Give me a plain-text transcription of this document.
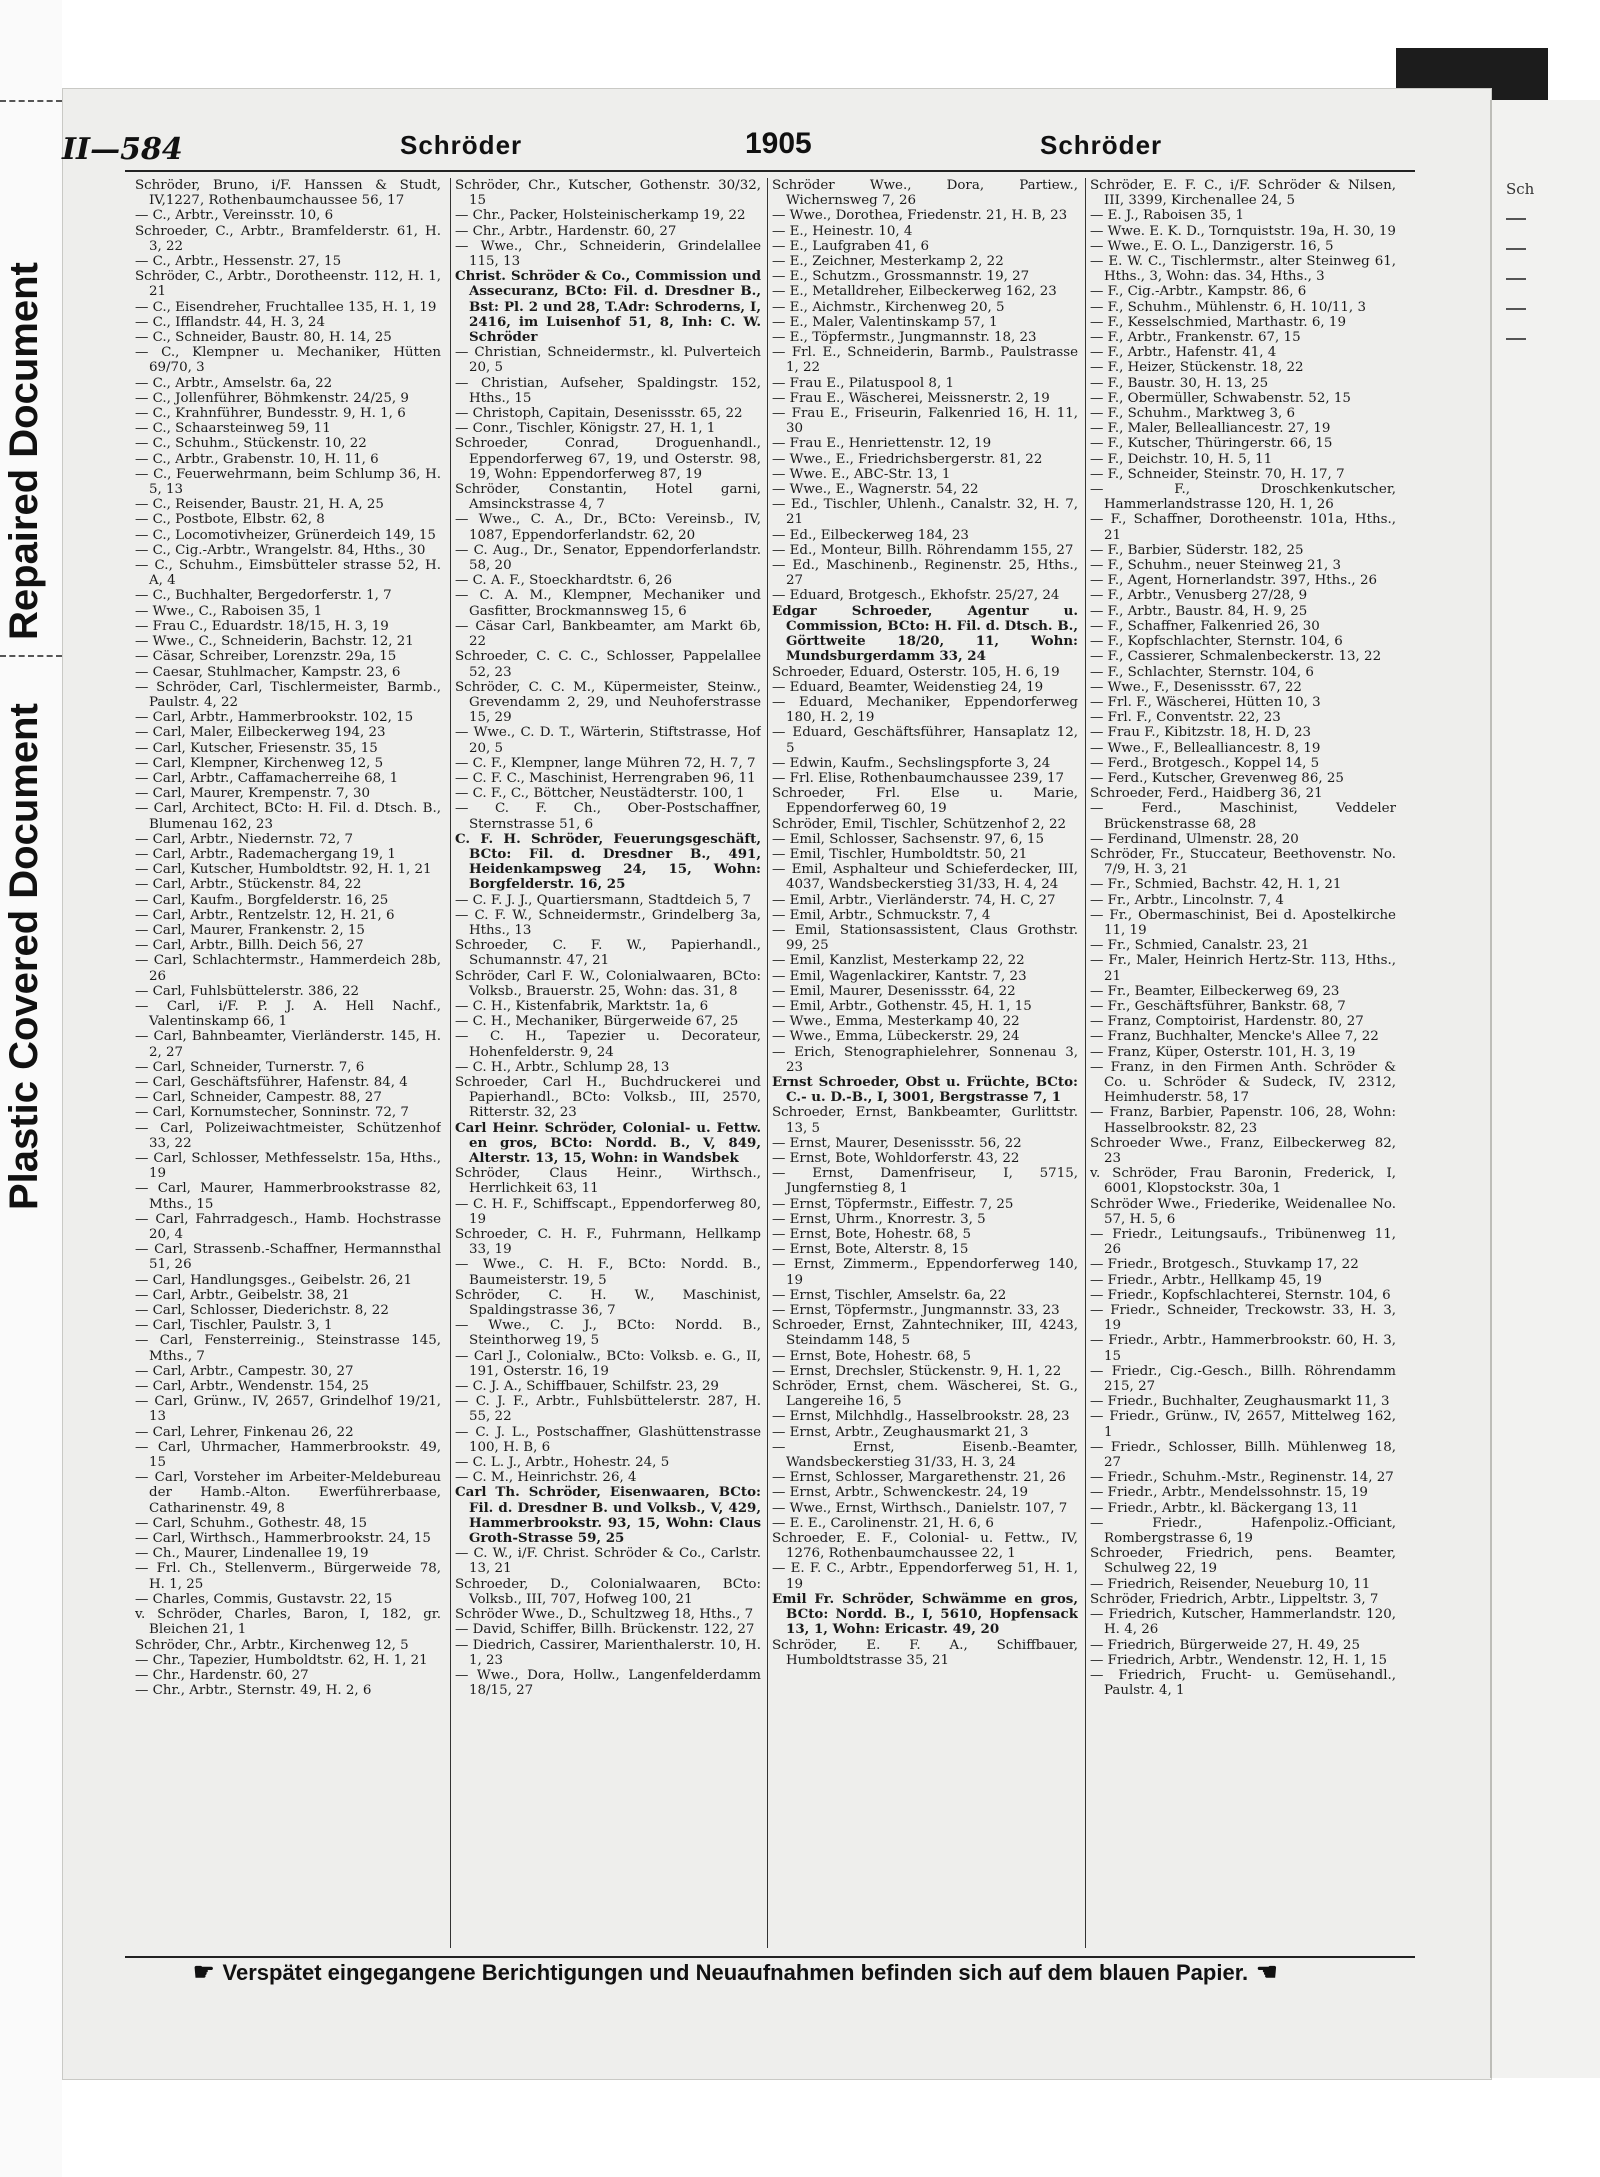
Repaired Document
Plastic Covered Document
Sch
II—584	Schröder	1905	Schröder

Schröder, Bruno, i/F. Hanssen & Studt, IV,1227, Rothenbaumchaussee 56, 17

— C., Arbtr., Vereinsstr. 10, 6

Schroeder, C., Arbtr., Bramfelderstr. 61, H. 3, 22

— C., Arbtr., Hessenstr. 27, 15

Schröder, C., Arbtr., Dorotheenstr. 112, H. 1, 21

— C., Eisendreher, Fruchtallee 135, H. 1, 19

— C., Ifflandstr. 44, H. 3, 24

— C., Schneider, Baustr. 80, H. 14, 25

— C., Klempner u. Mechaniker, Hütten 69/70, 3

— C., Arbtr., Amselstr. 6a, 22

— C., Jollenführer, Böhmkenstr. 24/25, 9

— C., Krahnführer, Bundesstr. 9, H. 1, 6

— C., Schaarsteinweg 59, 11

— C., Schuhm., Stückenstr. 10, 22

— C., Arbtr., Grabenstr. 10, H. 11, 6

— C., Feuerwehrmann, beim Schlump 36, H. 5, 13

— C., Reisender, Baustr. 21, H. A, 25

— C., Postbote, Elbstr. 62, 8

— C., Locomotivheizer, Grünerdeich 149, 15

— C., Cig.-Arbtr., Wrangelstr. 84, Hths., 30

— C., Schuhm., Eimsbütteler strasse 52, H. A, 4

— C., Buchhalter, Bergedorferstr. 1, 7

— Wwe., C., Raboisen 35, 1

— Frau C., Eduardstr. 18/15, H. 3, 19

— Wwe., C., Schneiderin, Bachstr. 12, 21

— Cäsar, Schreiber, Lorenzstr. 29a, 15

— Caesar, Stuhlmacher, Kampstr. 23, 6

— Schröder, Carl, Tischlermeister, Barmb., Paulstr. 4, 22

— Carl, Arbtr., Hammerbrookstr. 102, 15

— Carl, Maler, Eilbeckerweg 194, 23

— Carl, Kutscher, Friesenstr. 35, 15

— Carl, Klempner, Kirchenweg 12, 5

— Carl, Arbtr., Caffamacherreihe 68, 1

— Carl, Maurer, Krempenstr. 7, 30

— Carl, Architect, BCto: H. Fil. d. Dtsch. B., Blumenau 162, 23

— Carl, Arbtr., Niedernstr. 72, 7

— Carl, Arbtr., Rademachergang 19, 1

— Carl, Kutscher, Humboldtstr. 92, H. 1, 21

— Carl, Arbtr., Stückenstr. 84, 22

— Carl, Kaufm., Borgfelderstr. 16, 25

— Carl, Arbtr., Rentzelstr. 12, H. 21, 6

— Carl, Maurer, Frankenstr. 2, 15

— Carl, Arbtr., Billh. Deich 56, 27

— Carl, Schlachtermstr., Hammerdeich 28b, 26

— Carl, Fuhlsbüttelerstr. 386, 22

— Carl, i/F. P. J. A. Hell Nachf., Valentinskamp 66, 1

— Carl, Bahnbeamter, Vierländerstr. 145, H. 2, 27

— Carl, Schneider, Turnerstr. 7, 6

— Carl, Geschäftsführer, Hafenstr. 84, 4

— Carl, Schneider, Campestr. 88, 27

— Carl, Kornumstecher, Sonninstr. 72, 7

— Carl, Polizeiwachtmeister, Schützenhof 33, 22

— Carl, Schlosser, Methfesselstr. 15a, Hths., 19

— Carl, Maurer, Hammerbrookstrasse 82, Mths., 15

— Carl, Fahrradgesch., Hamb. Hochstrasse 20, 4

— Carl, Strassenb.-Schaffner, Hermannsthal 51, 26

— Carl, Handlungsges., Geibelstr. 26, 21

— Carl, Arbtr., Geibelstr. 38, 21

— Carl, Schlosser, Diederichstr. 8, 22

— Carl, Tischler, Paulstr. 3, 1

— Carl, Fensterreinig., Steinstrasse 145, Mths., 7

— Carl, Arbtr., Campestr. 30, 27

— Carl, Arbtr., Wendenstr. 154, 25

— Carl, Grünw., IV, 2657, Grindelhof 19/21, 13

— Carl, Lehrer, Finkenau 26, 22

— Carl, Uhrmacher, Hammerbrookstr. 49, 15

— Carl, Vorsteher im Arbeiter-Meldebureau der Hamb.-Alton. Ewerführerbaase, Catharinenstr. 49, 8

— Carl, Schuhm., Gothestr. 48, 15

— Carl, Wirthsch., Hammerbrookstr. 24, 15

— Ch., Maurer, Lindenallee 19, 19

— Frl. Ch., Stellenverm., Bürgerweide 78, H. 1, 25

— Charles, Commis, Gustavstr. 22, 15

v. Schröder, Charles, Baron, I, 182, gr. Bleichen 21, 1

Schröder, Chr., Arbtr., Kirchenweg 12, 5

— Chr., Tapezier, Humboldtstr. 62, H. 1, 21

— Chr., Hardenstr. 60, 27

— Chr., Arbtr., Sternstr. 49, H. 2, 6

Schröder, Chr., Kutscher, Gothenstr. 30/32, 15

— Chr., Packer, Holsteinischerkamp 19, 22

— Chr., Arbtr., Hardenstr. 60, 27

— Wwe., Chr., Schneiderin, Grindelallee 115, 13

Christ. Schröder & Co., Commission und Assecuranz, BCto: Fil. d. Dresdner B., Bst: Pl. 2 und 28, T.Adr: Schroderns, I, 2416, im Luisenhof 51, 8, Inh: C. W. Schröder

— Christian, Schneidermstr., kl. Pulverteich 20, 5

— Christian, Aufseher, Spaldingstr. 152, Hths., 15

— Christoph, Capitain, Desenissstr. 65, 22

— Conr., Tischler, Königstr. 27, H. 1, 1

Schroeder, Conrad, Droguenhandl., Eppendorferweg 67, 19, und Osterstr. 98, 19, Wohn: Eppendorferweg 87, 19

Schröder, Constantin, Hotel garni, Amsinckstrasse 4, 7

— Wwe., C. A., Dr., BCto: Vereinsb., IV, 1087, Eppendorferlandstr. 62, 20

— C. Aug., Dr., Senator, Eppendorferlandstr. 58, 20

— C. A. F., Stoeckhardtstr. 6, 26

— C. A. M., Klempner, Mechaniker und Gasfitter, Brockmannsweg 15, 6

— Cäsar Carl, Bankbeamter, am Markt 6b, 22

Schroeder, C. C. C., Schlosser, Pappelallee 52, 23

Schröder, C. C. M., Küpermeister, Steinw., Grevendamm 2, 29, und Neuhoferstrasse 15, 29

— Wwe., C. D. T., Wärterin, Stiftstrasse, Hof 20, 5

— C. F., Klempner, lange Mühren 72, H. 7, 7

— C. F. C., Maschinist, Herrengraben 96, 11

— C. F., C., Böttcher, Neustädterstr. 100, 1

— C. F. Ch., Ober-Postschaffner, Sternstrasse 51, 6

C. F. H. Schröder, Feuerungsgeschäft, BCto: Fil. d. Dresdner B., 491, Heidenkampsweg 24, 15, Wohn: Borgfelderstr. 16, 25

— C. F. J. J., Quartiersmann, Stadtdeich 5, 7

— C. F. W., Schneidermstr., Grindelberg 3a, Hths., 13

Schroeder, C. F. W., Papierhandl., Schumannstr. 47, 21

Schröder, Carl F. W., Colonialwaaren, BCto: Volksb., Brauerstr. 25, Wohn: das. 31, 8

— C. H., Kistenfabrik, Marktstr. 1a, 6

— C. H., Mechaniker, Bürgerweide 67, 25

— C. H., Tapezier u. Decorateur, Hohenfelderstr. 9, 24

— C. H., Arbtr., Schlump 28, 13

Schroeder, Carl H., Buchdruckerei und Papierhandl., BCto: Volksb., III, 2570, Ritterstr. 32, 23

Carl Heinr. Schröder, Colonial- u. Fettw. en gros, BCto: Nordd. B., V, 849, Alterstr. 13, 15, Wohn: in Wandsbek

Schröder, Claus Heinr., Wirthsch., Herrlichkeit 63, 11

— C. H. F., Schiffscapt., Eppendorferweg 80, 19

Schroeder, C. H. F., Fuhrmann, Hellkamp 33, 19

— Wwe., C. H. F., BCto: Nordd. B., Baumeisterstr. 19, 5

Schröder, C. H. W., Maschinist, Spaldingstrasse 36, 7

— Wwe., C. J., BCto: Nordd. B., Steinthorweg 19, 5

— Carl J., Colonialw., BCto: Volksb. e. G., II, 191, Osterstr. 16, 19

— C. J. A., Schiffbauer, Schilfstr. 23, 29

— C. J. F., Arbtr., Fuhlsbüttelerstr. 287, H. 55, 22

— C. J. L., Postschaffner, Glashüttenstrasse 100, H. B, 6

— C. L. J., Arbtr., Hohestr. 24, 5

— C. M., Heinrichstr. 26, 4

Carl Th. Schröder, Eisenwaaren, BCto: Fil. d. Dresdner B. und Volksb., V, 429, Hammerbrookstr. 93, 15, Wohn: Claus Groth-Strasse 59, 25

— C. W., i/F. Christ. Schröder & Co., Carlstr. 13, 21

Schroeder, D., Colonialwaaren, BCto: Volksb., III, 707, Hofweg 100, 21

Schröder Wwe., D., Schultzweg 18, Hths., 7

— David, Schiffer, Billh. Brückenstr. 122, 27

— Diedrich, Cassirer, Marienthalerstr. 10, H. 1, 23

— Wwe., Dora, Hollw., Langenfelderdamm 18/15, 27

Schröder Wwe., Dora, Partiew., Wichernsweg 7, 26

— Wwe., Dorothea, Friedenstr. 21, H. B, 23

— E., Heinestr. 10, 4

— E., Laufgraben 41, 6

— E., Zeichner, Mesterkamp 2, 22

— E., Schutzm., Grossmannstr. 19, 27

— E., Metalldreher, Eilbeckerweg 162, 23

— E., Aichmstr., Kirchenweg 20, 5

— E., Maler, Valentinskamp 57, 1

— E., Töpfermstr., Jungmannstr. 18, 23

— Frl. E., Schneiderin, Barmb., Paulstrasse 1, 22

— Frau E., Pilatuspool 8, 1

— Frau E., Wäscherei, Meissnerstr. 2, 19

— Frau E., Friseurin, Falkenried 16, H. 11, 30

— Frau E., Henriettenstr. 12, 19

— Wwe., E., Friedrichsbergerstr. 81, 22

— Wwe. E., ABC-Str. 13, 1

— Wwe., E., Wagnerstr. 54, 22

— Ed., Tischler, Uhlenh., Canalstr. 32, H. 7, 21

— Ed., Eilbeckerweg 184, 23

— Ed., Monteur, Billh. Röhrendamm 155, 27

— Ed., Maschinenb., Reginenstr. 25, Hths., 27

— Eduard, Brotgesch., Ekhofstr. 25/27, 24

Edgar Schroeder, Agentur u. Commission, BCto: H. Fil. d. Dtsch. B., Görttweite 18/20, 11, Wohn: Mundsburgerdamm 33, 24

Schroeder, Eduard, Osterstr. 105, H. 6, 19

— Eduard, Beamter, Weidenstieg 24, 19

— Eduard, Mechaniker, Eppendorferweg 180, H. 2, 19

— Eduard, Geschäftsführer, Hansaplatz 12, 5

— Edwin, Kaufm., Sechslingspforte 3, 24

— Frl. Elise, Rothenbaumchaussee 239, 17

Schroeder, Frl. Else u. Marie, Eppendorferweg 60, 19

Schröder, Emil, Tischler, Schützenhof 2, 22

— Emil, Schlosser, Sachsenstr. 97, 6, 15

— Emil, Tischler, Humboldtstr. 50, 21

— Emil, Asphalteur und Schieferdecker, III, 4037, Wandsbeckerstieg 31/33, H. 4, 24

— Emil, Arbtr., Vierländerstr. 74, H. C, 27

— Emil, Arbtr., Schmuckstr. 7, 4

— Emil, Stationsassistent, Claus Grothstr. 99, 25

— Emil, Kanzlist, Mesterkamp 22, 22

— Emil, Wagenlackirer, Kantstr. 7, 23

— Emil, Maurer, Desenissstr. 64, 22

— Emil, Arbtr., Gothenstr. 45, H. 1, 15

— Wwe., Emma, Mesterkamp 40, 22

— Wwe., Emma, Lübeckerstr. 29, 24

— Erich, Stenographielehrer, Sonnenau 3, 23

Ernst Schroeder, Obst u. Früchte, BCto: C.- u. D.-B., I, 3001, Bergstrasse 7, 1

Schroeder, Ernst, Bankbeamter, Gurlittstr. 13, 5

— Ernst, Maurer, Desenissstr. 56, 22

— Ernst, Bote, Wohldorferstr. 43, 22

— Ernst, Damenfriseur, I, 5715, Jungfernstieg 8, 1

— Ernst, Töpfermstr., Eiffestr. 7, 25

— Ernst, Uhrm., Knorrestr. 3, 5

— Ernst, Bote, Hohestr. 68, 5

— Ernst, Bote, Alterstr. 8, 15

— Ernst, Zimmerm., Eppendorferweg 140, 19

— Ernst, Tischler, Amselstr. 6a, 22

— Ernst, Töpfermstr., Jungmannstr. 33, 23

Schroeder, Ernst, Zahntechniker, III, 4243, Steindamm 148, 5

— Ernst, Bote, Hohestr. 68, 5

— Ernst, Drechsler, Stückenstr. 9, H. 1, 22

Schröder, Ernst, chem. Wäscherei, St. G., Langereihe 16, 5

— Ernst, Milchhdlg., Hasselbrookstr. 28, 23

— Ernst, Arbtr., Zeughausmarkt 21, 3

— Ernst, Eisenb.-Beamter, Wandsbeckerstieg 31/33, H. 3, 24

— Ernst, Schlosser, Margarethenstr. 21, 26

— Ernst, Arbtr., Schwenckestr. 24, 19

— Wwe., Ernst, Wirthsch., Danielstr. 107, 7

— E. E., Carolinenstr. 21, H. 6, 6

Schroeder, E. F., Colonial- u. Fettw., IV, 1276, Rothenbaumchaussee 22, 1

— E. F. C., Arbtr., Eppendorferweg 51, H. 1, 19

Emil Fr. Schröder, Schwämme en gros, BCto: Nordd. B., I, 5610, Hopfensack 13, 1, Wohn: Ericastr. 49, 20

Schröder, E. F. A., Schiffbauer, Humboldtstrasse 35, 21

Schröder, E. F. C., i/F. Schröder & Nilsen, III, 3399, Kirchenallee 24, 5

— E. J., Raboisen 35, 1

— Wwe. E. K. D., Tornquiststr. 19a, H. 30, 19

— Wwe., E. O. L., Danzigerstr. 16, 5

— E. W. C., Tischlermstr., alter Steinweg 61, Hths., 3, Wohn: das. 34, Hths., 3

— F., Cig.-Arbtr., Kampstr. 86, 6

— F., Schuhm., Mühlenstr. 6, H. 10/11, 3

— F., Kesselschmied, Marthastr. 6, 19

— F., Arbtr., Frankenstr. 67, 15

— F., Arbtr., Hafenstr. 41, 4

— F., Heizer, Stückenstr. 18, 22

— F., Baustr. 30, H. 13, 25

— F., Obermüller, Schwabenstr. 52, 15

— F., Schuhm., Marktweg 3, 6

— F., Maler, Bellealliancestr. 27, 19

— F., Kutscher, Thüringerstr. 66, 15

— F., Deichstr. 10, H. 5, 11

— F., Schneider, Steinstr. 70, H. 17, 7

— F., Droschkenkutscher, Hammerlandstrasse 120, H. 1, 26

— F., Schaffner, Dorotheenstr. 101a, Hths., 21

— F., Barbier, Süderstr. 182, 25

— F., Schuhm., neuer Steinweg 21, 3

— F., Agent, Hornerlandstr. 397, Hths., 26

— F., Arbtr., Venusberg 27/28, 9

— F., Arbtr., Baustr. 84, H. 9, 25

— F., Schaffner, Falkenried 26, 30

— F., Kopfschlachter, Sternstr. 104, 6

— F., Cassierer, Schmalenbeckerstr. 13, 22

— F., Schlachter, Sternstr. 104, 6

— Wwe., F., Desenissstr. 67, 22

— Frl. F., Wäscherei, Hütten 10, 3

— Frl. F., Conventstr. 22, 23

— Frau F., Kibitzstr. 18, H. D, 23

— Wwe., F., Bellealliancestr. 8, 19

— Ferd., Brotgesch., Koppel 14, 5

— Ferd., Kutscher, Grevenweg 86, 25

Schroeder, Ferd., Haidberg 36, 21

— Ferd., Maschinist, Veddeler Brückenstrasse 68, 28

— Ferdinand, Ulmenstr. 28, 20

Schröder, Fr., Stuccateur, Beethovenstr. No. 7/9, H. 3, 21

— Fr., Schmied, Bachstr. 42, H. 1, 21

— Fr., Arbtr., Lincolnstr. 7, 4

— Fr., Obermaschinist, Bei d. Apostelkirche 11, 19

— Fr., Schmied, Canalstr. 23, 21

— Fr., Maler, Heinrich Hertz-Str. 113, Hths., 21

— Fr., Beamter, Eilbeckerweg 69, 23

— Fr., Geschäftsführer, Bankstr. 68, 7

— Franz, Comptoirist, Hardenstr. 80, 27

— Franz, Buchhalter, Mencke's Allee 7, 22

— Franz, Küper, Osterstr. 101, H. 3, 19

— Franz, in den Firmen Anth. Schröder & Co. u. Schröder & Sudeck, IV, 2312, Heimhuderstr. 58, 17

— Franz, Barbier, Papenstr. 106, 28, Wohn: Hasselbrookstr. 82, 23

Schroeder Wwe., Franz, Eilbeckerweg 82, 23

v. Schröder, Frau Baronin, Frederick, I, 6001, Klopstockstr. 30a, 1

Schröder Wwe., Friederike, Weidenallee No. 57, H. 5, 6

— Friedr., Leitungsaufs., Tribünenweg 11, 26

— Friedr., Brotgesch., Stuvkamp 17, 22

— Friedr., Arbtr., Hellkamp 45, 19

— Friedr., Kopfschlachterei, Sternstr. 104, 6

— Friedr., Schneider, Treckowstr. 33, H. 3, 19

— Friedr., Arbtr., Hammerbrookstr. 60, H. 3, 15

— Friedr., Cig.-Gesch., Billh. Röhrendamm 215, 27

— Friedr., Buchhalter, Zeughausmarkt 11, 3

— Friedr., Grünw., IV, 2657, Mittelweg 162, 1

— Friedr., Schlosser, Billh. Mühlenweg 18, 27

— Friedr., Schuhm.-Mstr., Reginenstr. 14, 27

— Friedr., Arbtr., Mendelssohnstr. 15, 19

— Friedr., Arbtr., kl. Bäckergang 13, 11

— Friedr., Hafenpoliz.-Officiant, Rombergstrasse 6, 19

Schroeder, Friedrich, pens. Beamter, Schulweg 22, 19

— Friedrich, Reisender, Neueburg 10, 11

Schröder, Friedrich, Arbtr., Lippeltstr. 3, 7

— Friedrich, Kutscher, Hammerlandstr. 120, H. 4, 26

— Friedrich, Bürgerweide 27, H. 49, 25

— Friedrich, Arbtr., Wendenstr. 12, H. 1, 15

— Friedrich, Frucht- u. Gemüsehandl., Paulstr. 4, 1

☛ Verspätet eingegangene Berichtigungen und Neuaufnahmen befinden sich auf dem blauen Papier. ☚
